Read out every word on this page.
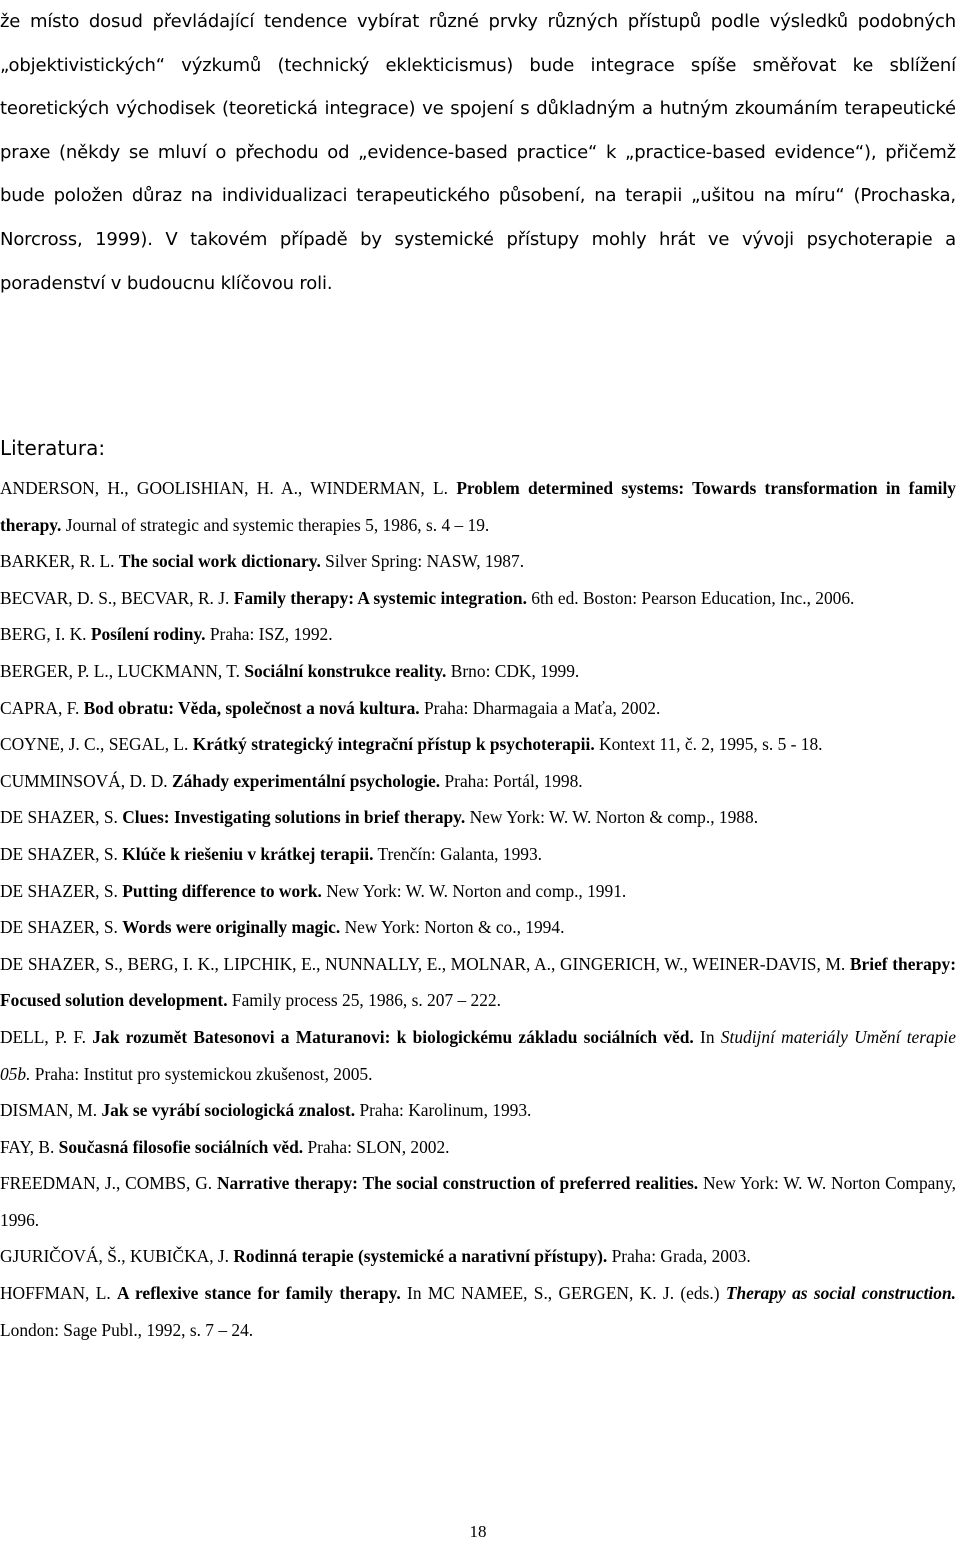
že místo dosud převládající tendence vybírat různé prvky různých přístupů podle výsledků podobných „objektivistických“ výzkumů (technický eklekticismus) bude integrace spíše směřovat ke sblížení teoretických východisek (teoretická integrace) ve spojení s důkladným a hutným zkoumáním terapeutické praxe (někdy se mluví o přechodu od „evidence-based practice“ k „practice-based evidence“), přičemž bude položen důraz na individualizaci terapeutického působení, na terapii „ušitou na míru“ (Prochaska, Norcross, 1999). V takovém případě by systemické přístupy mohly hrát ve vývoji psychoterapie a poradenství v budoucnu klíčovou roli.

Literatura:
ANDERSON, H., GOOLISHIAN, H. A., WINDERMAN, L. Problem determined systems: Towards transformation in family therapy. Journal of strategic and systemic therapies 5, 1986, s. 4 – 19.
BARKER, R. L. The social work dictionary. Silver Spring: NASW, 1987.
BECVAR, D. S., BECVAR, R. J. Family therapy: A systemic integration. 6th ed. Boston: Pearson Education, Inc., 2006.
BERG, I. K. Posílení rodiny. Praha: ISZ, 1992.
BERGER, P. L., LUCKMANN, T. Sociální konstrukce reality. Brno: CDK, 1999.
CAPRA, F. Bod obratu: Věda, společnost a nová kultura. Praha: Dharmagaia a Maťa, 2002.
COYNE, J. C., SEGAL, L. Krátký strategický integrační přístup k psychoterapii. Kontext 11, č. 2, 1995, s. 5 - 18.
CUMMINSOVÁ, D. D. Záhady experimentální psychologie. Praha: Portál, 1998.
DE SHAZER, S. Clues: Investigating solutions in brief therapy. New York: W. W. Norton & comp., 1988.
DE SHAZER, S. Klúče k riešeniu v krátkej terapii. Trenčín: Galanta, 1993.
DE SHAZER, S. Putting difference to work. New York: W. W. Norton and comp., 1991.
DE SHAZER, S. Words were originally magic. New York: Norton & co., 1994.
DE SHAZER, S., BERG, I. K., LIPCHIK, E., NUNNALLY, E., MOLNAR, A., GINGERICH, W., WEINER-DAVIS, M. Brief therapy: Focused solution development. Family process 25, 1986, s. 207 – 222.
DELL, P. F. Jak rozumět Batesonovi a Maturanovi: k biologickému základu sociálních věd. In Studijní materiály Umění terapie 05b. Praha: Institut pro systemickou zkušenost, 2005.
DISMAN, M. Jak se vyrábí sociologická znalost. Praha: Karolinum, 1993.
FAY, B. Současná filosofie sociálních věd. Praha: SLON, 2002.
FREEDMAN, J., COMBS, G. Narrative therapy: The social construction of preferred realities. New York: W. W. Norton Company, 1996.
GJURIČOVÁ, Š., KUBIČKA, J. Rodinná terapie (systemické a narativní přístupy). Praha: Grada, 2003.
HOFFMAN, L. A reflexive stance for family therapy. In MC NAMEE, S., GERGEN, K. J. (eds.) Therapy as social construction. London: Sage Publ., 1992, s. 7 – 24.
18
